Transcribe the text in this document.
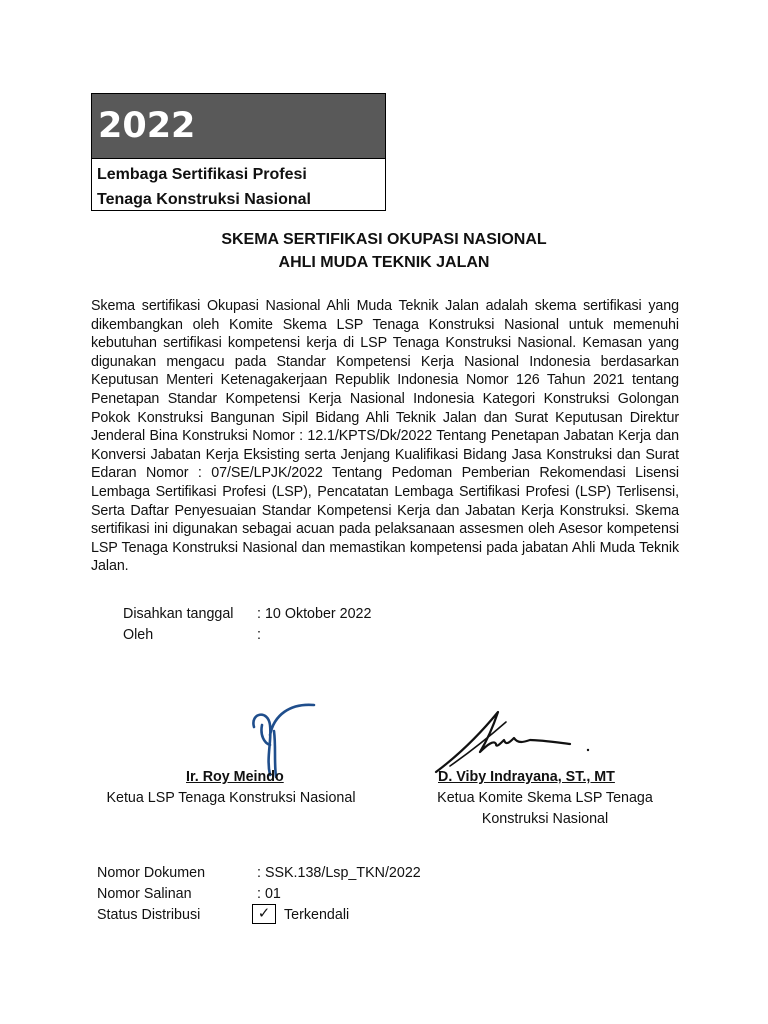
2022
Lembaga Sertifikasi Profesi
Tenaga Konstruksi Nasional
SKEMA SERTIFIKASI OKUPASI NASIONAL
AHLI MUDA TEKNIK JALAN
Skema sertifikasi Okupasi Nasional Ahli Muda Teknik Jalan adalah skema sertifikasi yang dikembangkan oleh Komite Skema LSP Tenaga Konstruksi Nasional untuk memenuhi kebutuhan sertifikasi kompetensi kerja di LSP Tenaga Konstruksi Nasional. Kemasan yang digunakan mengacu pada Standar Kompetensi Kerja Nasional Indonesia berdasarkan Keputusan Menteri Ketenagakerjaan Republik Indonesia Nomor 126 Tahun 2021 tentang Penetapan Standar Kompetensi Kerja Nasional Indonesia Kategori Konstruksi Golongan Pokok Konstruksi Bangunan Sipil Bidang Ahli Teknik Jalan dan Surat Keputusan Direktur Jenderal Bina Konstruksi Nomor : 12.1/KPTS/Dk/2022 Tentang Penetapan Jabatan Kerja dan Konversi Jabatan Kerja Eksisting serta Jenjang Kualifikasi Bidang Jasa Konstruksi dan Surat Edaran Nomor : 07/SE/LPJK/2022 Tentang Pedoman Pemberian Rekomendasi Lisensi Lembaga Sertifikasi Profesi (LSP), Pencatatan Lembaga Sertifikasi Profesi (LSP) Terlisensi, Serta Daftar Penyesuaian Standar Kompetensi Kerja dan Jabatan Kerja Konstruksi. Skema sertifikasi ini digunakan sebagai acuan pada pelaksanaan assesmen oleh Asesor kompetensi LSP Tenaga Konstruksi Nasional dan memastikan kompetensi pada jabatan Ahli Muda Teknik Jalan.
Disahkan tanggal : 10 Oktober 2022
Oleh	:
Ir. Roy Meindo
Ketua LSP Tenaga Konstruksi Nasional
D. Viby Indrayana, ST., MT
Ketua Komite Skema LSP Tenaga
Konstruksi Nasional
Nomor Dokumen	: SSK.138/Lsp_TKN/2022
Nomor Salinan	: 01
Status Distribusi	✓ Terkendali
